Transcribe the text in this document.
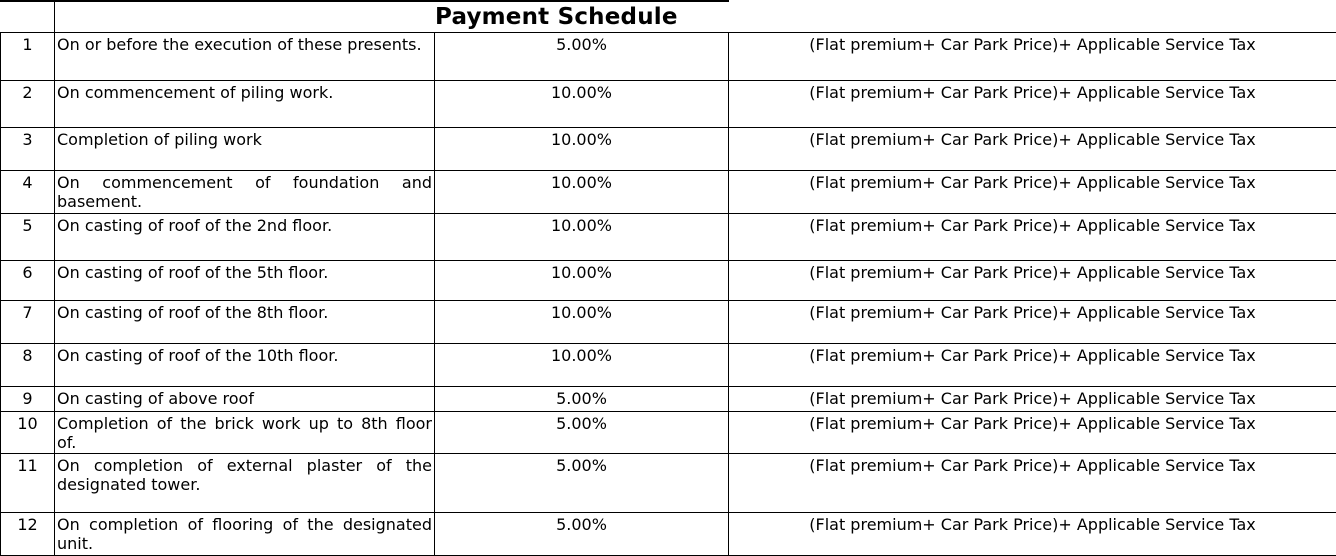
Payment Schedule
1	On or before the execution of these presents.	5.00%	(Flat premium+ Car Park Price)+ Applicable Service Tax
2	On commencement of piling work.	10.00%	(Flat premium+ Car Park Price)+ Applicable Service Tax
3	Completion of piling work	10.00%	(Flat premium+ Car Park Price)+ Applicable Service Tax
4	On commencement of foundation and basement.	10.00%	(Flat premium+ Car Park Price)+ Applicable Service Tax
5	On casting of roof of the 2nd floor.	10.00%	(Flat premium+ Car Park Price)+ Applicable Service Tax
6	On casting of roof of the 5th floor.	10.00%	(Flat premium+ Car Park Price)+ Applicable Service Tax
7	On casting of roof of the 8th floor.	10.00%	(Flat premium+ Car Park Price)+ Applicable Service Tax
8	On casting of roof of the 10th floor.	10.00%	(Flat premium+ Car Park Price)+ Applicable Service Tax
9	On casting of above roof	5.00%	(Flat premium+ Car Park Price)+ Applicable Service Tax
10	Completion of the brick work up to 8th floor of.	5.00%	(Flat premium+ Car Park Price)+ Applicable Service Tax
11	On completion of external plaster of the designated tower.	5.00%	(Flat premium+ Car Park Price)+ Applicable Service Tax
12	On completion of flooring of the designated unit.	5.00%	(Flat premium+ Car Park Price)+ Applicable Service Tax
